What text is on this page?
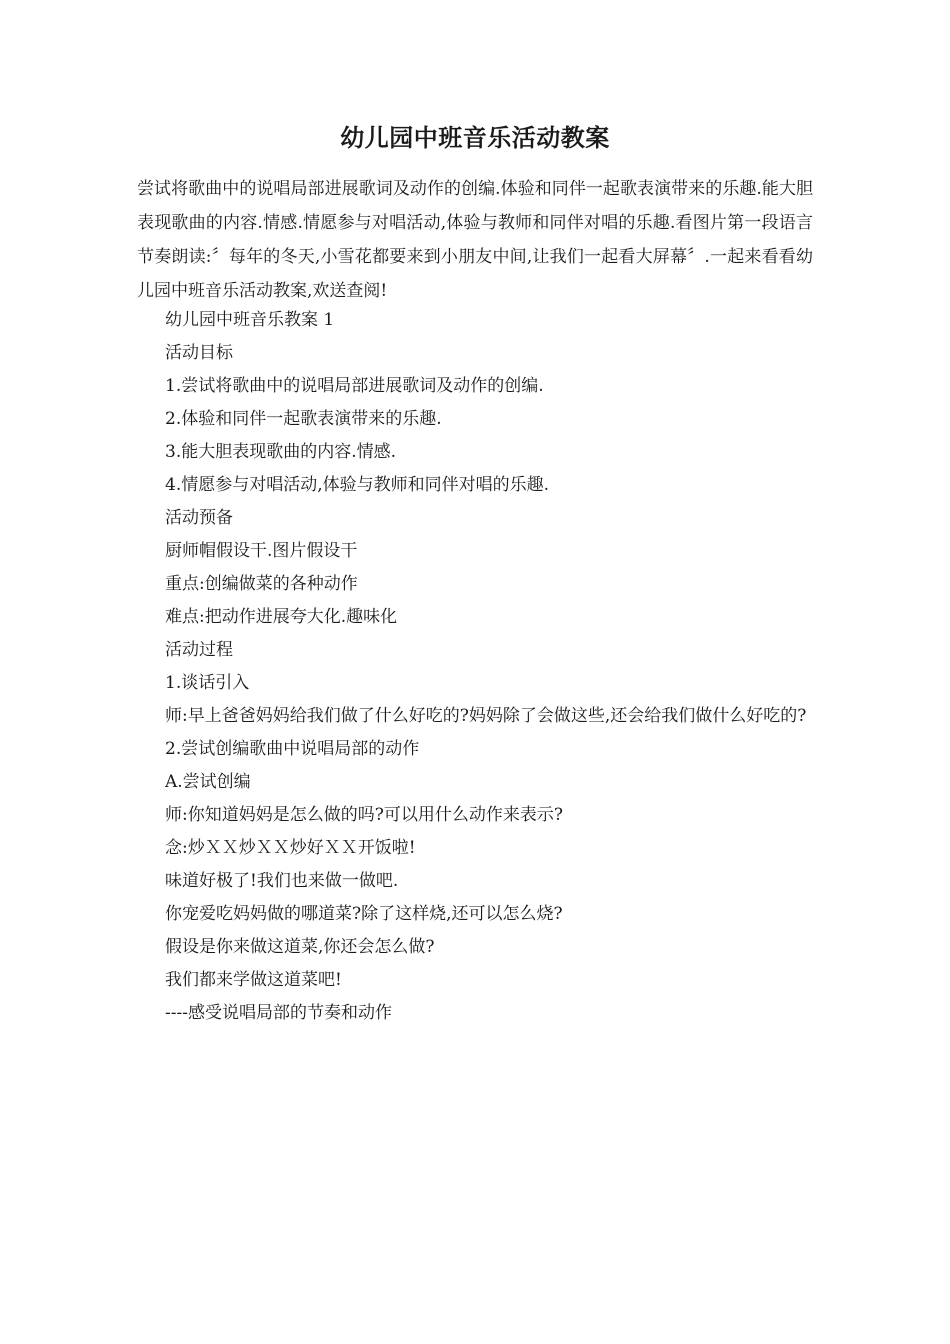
幼儿园中班音乐活动教案

尝试将歌曲中的说唱局部进展歌词及动作的创编.体验和同伴一起歌表演带来的乐趣.能大胆表现歌曲的内容.情感.情愿参与对唱活动,体验与教师和同伴对唱的乐趣.看图片第一段语言节奏朗读:〞每年的冬天,小雪花都要来到小朋友中间,让我们一起看大屏幕〞.一起来看看幼儿园中班音乐活动教案,欢送查阅!

幼儿园中班音乐教案 1
活动目标
1.尝试将歌曲中的说唱局部进展歌词及动作的创编.
2.体验和同伴一起歌表演带来的乐趣.
3.能大胆表现歌曲的内容.情感.
4.情愿参与对唱活动,体验与教师和同伴对唱的乐趣.
活动预备
厨师帽假设干.图片假设干
重点:创编做菜的各种动作
难点:把动作进展夸大化.趣味化
活动过程
1.谈话引入
师:早上爸爸妈妈给我们做了什么好吃的?妈妈除了会做这些,还会给我们做什么好吃的?
2.尝试创编歌曲中说唱局部的动作
A.尝试创编
师:你知道妈妈是怎么做的吗?可以用什么动作来表示?
念:炒ＸＸ炒ＸＸ炒好ＸＸ开饭啦!
味道好极了!我们也来做一做吧.
你宠爱吃妈妈做的哪道菜?除了这样烧,还可以怎么烧?
假设是你来做这道菜,你还会怎么做?
我们都来学做这道菜吧!
----感受说唱局部的节奏和动作
